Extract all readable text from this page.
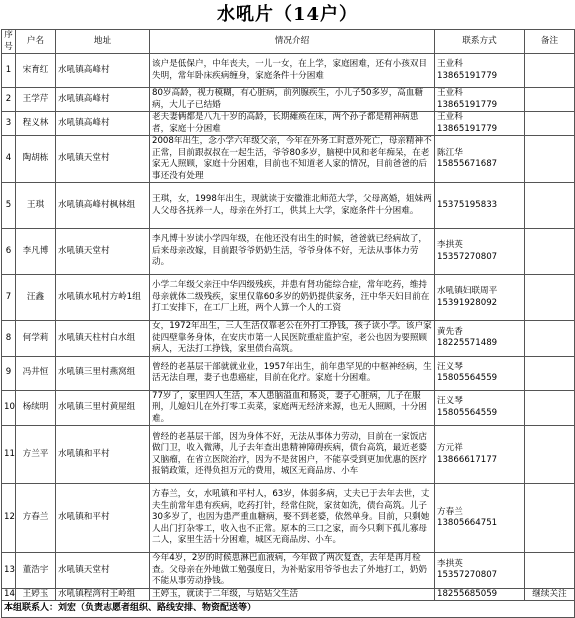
水吼片（14户）
序号	户名	地址	情况介绍	联系方式	备注
1	宋育红	水吼镇高峰村	该户是低保户，中年丧夫，一儿一女，在上学，家庭困难，还有小孩双目失明，常年卧床疾病缠身，家庭条件十分困难	王业科 13865191779	
2	王学芹	水吼镇高峰村	80岁高龄，视力模糊，有心脏病，前列腺疾生，小儿子50多岁，高血糖病，大儿子已结婚	王业科 13865191779	
3	程义林	水吼镇高峰村	老夫妻俩都是八九十岁的高龄，长期瘫痪在床，两个孙子都是精神病患者，家庭十分困难	王业科 13865191779	
4	陶胡栋	水吼镇天堂村	2008年出生，念小学六年级父亲，今年在外务工时意外死亡，母亲精神不正常，目前跟叔叔在一起生活，爷爷80多岁，脑梗中风和老年痴呆，在老家无人照顾，家庭十分困难，目前也不知道老人家的情况，目前爸爸的后事还没有处理	陈江华 15855671687	
5	王琪	水吼镇高峰村枫林组	王琪，女，1998年出生，现就读于安徽淮北师范大学，父母离婚，姐妹两人父母各抚养一人，母亲在外打工，供其上大学，家庭条件十分困难。	15375195833	
6	李凡博	水吼镇天堂村	李凡博十岁读小学四年级，在他还没有出生的时候，爸爸就已经病故了，后来母亲改嫁，目前跟爷爷奶奶生活，爷爷身体不好，无法从事体力劳动。	李拱英 15357270807	
7	汪鑫	水吼镇水吼村方岭1组	小学二年级父亲汪中华四级残疾，并患有肾功能综合症，常年吃药，维持母亲就体二级残疾，家里仅靠60多岁的奶奶提供家务，汪中华天妇目前在打工安排下，在工厂上班，两个人算一个人的工资	水吼镇妇联周平 15391928092	
8	何学莉	水吼镇天柱村白水组	女，1972年出生，三人生活仅靠老公在外打工挣钱，孩子读小学。该户家徒四壁靠务身体，在安庆市第一人民医院重症监护室，老公也因为要照顾病人，无法打工挣钱，家里债台高筑。	黄先香 18225571489	
9	冯井恒	水吼镇三里村燕窝组	曾经的老基层干部就就业业，1957年出生，前年患罕见的中枢神经病，生活无法自理，妻子也患癌症，目前在化疗。家庭十分困难。	汪义琴 15805564559	
10	杨续明	水吼镇三里村黄屋组	77岁了，家里四人生活，本人患脑溢血和肠炎，妻子心脏病，儿子在服刑，儿媳妇儿在外打零工卖菜，家庭两无经济来源，也无人照顾，十分困难。	汪义琴 15805564559	
11	方兰平	水吼镇和平村	曾经的老基层干部，因为身体不好，无法从事体力劳动，目前在一家饭店做门卫，收入微薄，儿子去年查出患精神障碍疾病，债台高筑，最近老婆又脑瘤，在省立医院治疗，因为不是贫困户，不能享受到更加优惠的医疗报销政策，还得负担万元的费用，城区无商品房、小车	方元祥 13866617177	
12	方春兰	水吼镇和平村	方春兰，女，水吼镇和平村人，63岁，体弱多病，丈夫已于去年去世，丈夫生前常年患有疾病，吃药打针，经常住院，家贫如洗，债台高筑。儿子30多岁了，也因为患严重血糖病，娶不到老婆，依然单身。目前，只剩她人出门打杂零工，收入也不正常。原本的三口之家，而今只剩下孤儿寡母二人，家里生活十分困难，城区无商品房、小车。	方春兰 13805664751	
13	董浩宇	水吼镇天堂村	今年4岁，2岁的时候患淋巴血液病，今年做了两次复查，去年是再月检查。父母亲在外地做工勉强度日，为补贴家用爷爷也去了外地打工，奶奶不能从事劳动挣钱。	李拱英 15357270807	
14	王婷玉	水吼镇程湾村王岭组	王婷玉，就读于二年级，与姑姑父生活	18255685059	继续关注
本组联系人：刘宏（负责志愿者组织、路线安排、物资配送等）					
